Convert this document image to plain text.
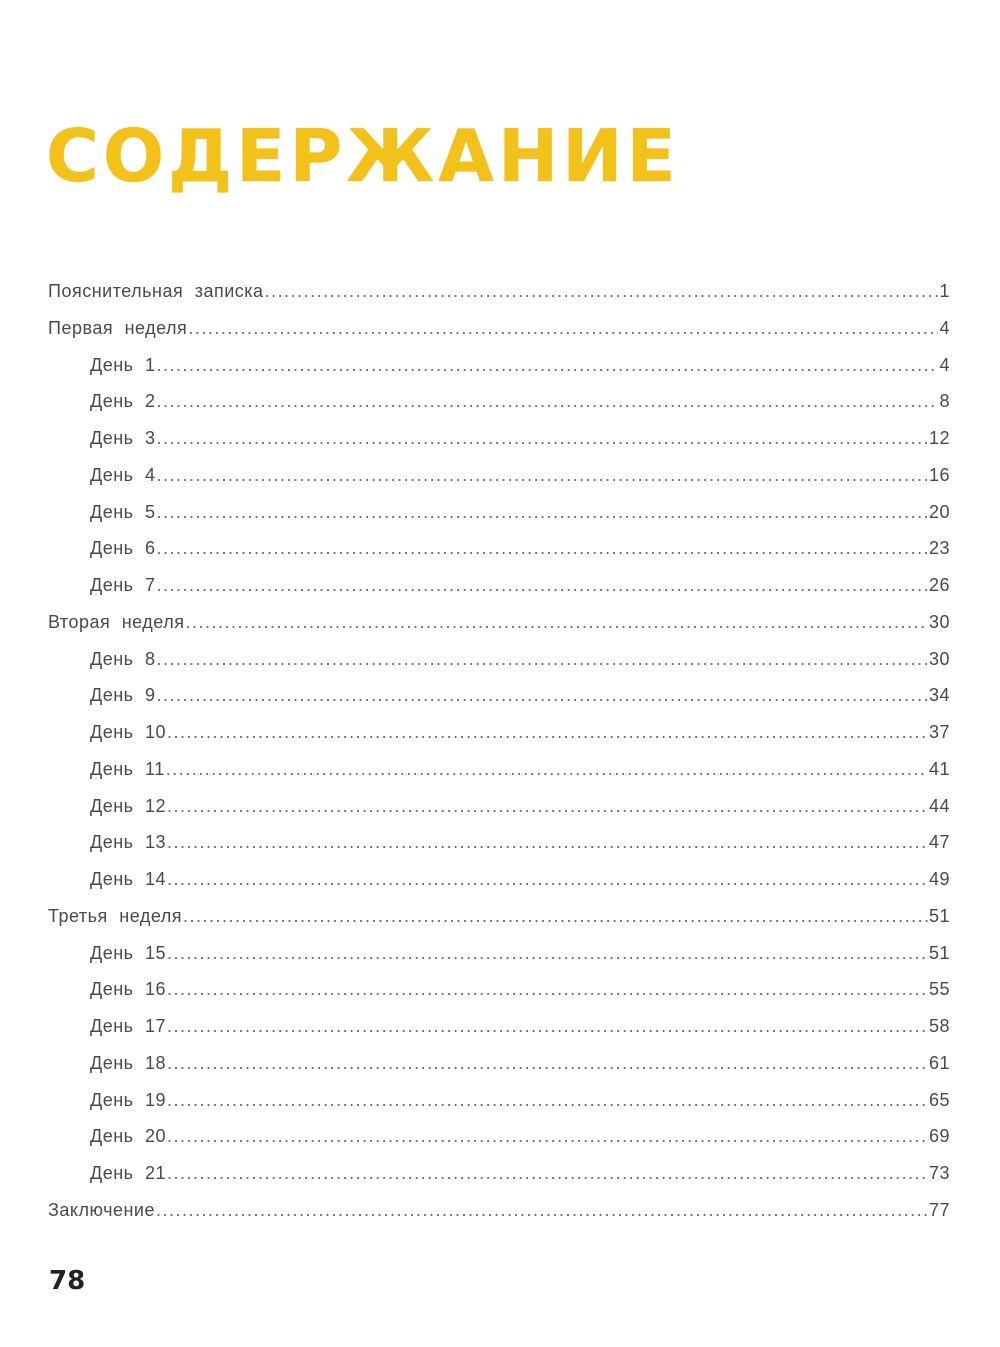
СОДЕРЖАНИЕ
Пояснительная записка .....	1
Первая неделя .....	4
День 1 .....	4
День 2 .....	8
День 3 .....	12
День 4 .....	16
День 5 .....	20
День 6 .....	23
День 7 .....	26
Вторая неделя .....	30
День 8 .....	30
День 9 .....	34
День 10 .....	37
День 11 .....	41
День 12 .....	44
День 13 .....	47
День 14 .....	49
Третья неделя .....	51
День 15 .....	51
День 16 .....	55
День 17 .....	58
День 18 .....	61
День 19 .....	65
День 20 .....	69
День 21 .....	73
Заключение .....	77
78
